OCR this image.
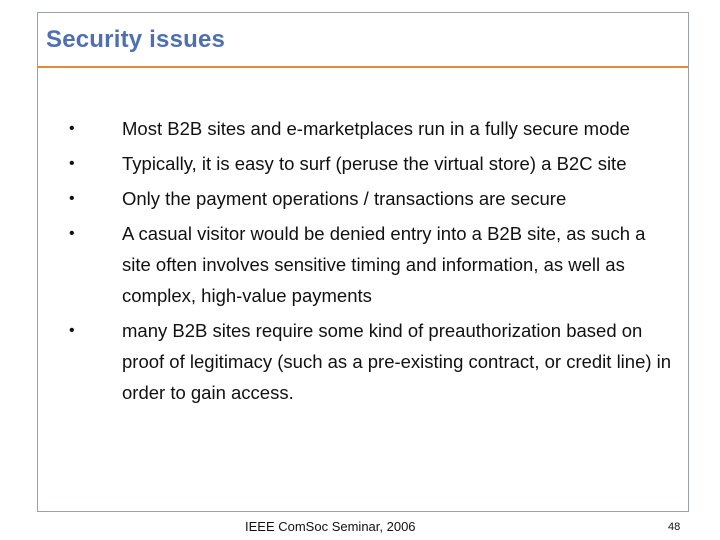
Security issues
•	Most B2B sites and e-marketplaces run in a fully secure mode
•	Typically, it is easy to surf (peruse the virtual store) a B2C site
•	Only the payment operations / transactions are secure
•	A casual visitor would be denied entry into a B2B site, as such a site often involves sensitive timing and information, as well as complex, high-value payments
•	many B2B sites require some kind of preauthorization based on proof of legitimacy (such as a pre-existing contract, or credit line) in order to gain access.
IEEE ComSoc Seminar, 2006	48
